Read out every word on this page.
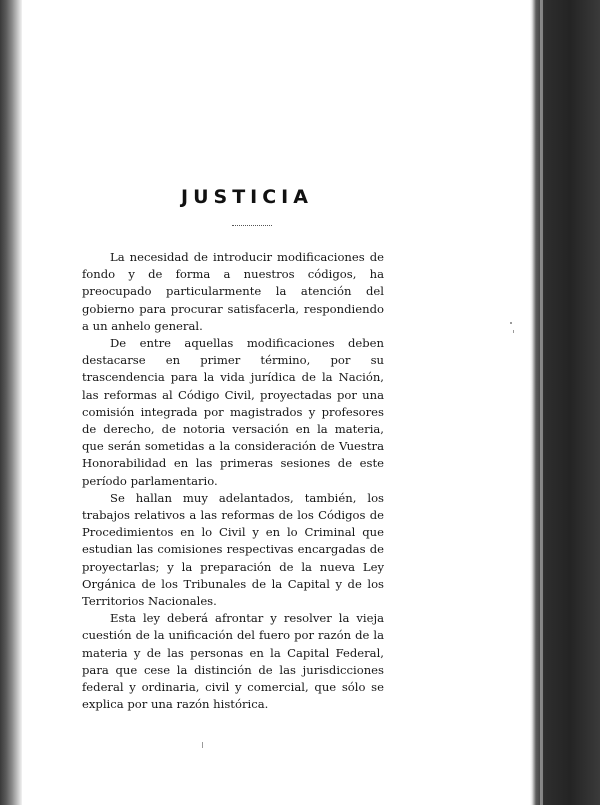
JUSTICIA

La necesidad de introducir modificaciones de fondo y de forma a nuestros códigos, ha preocupado particularmente la atención del gobierno para procurar satisfacerla, respondiendo a un anhelo general.

De entre aquellas modificaciones deben destacarse en primer término, por su trascendencia para la vida jurídica de la Nación, las reformas al Código Civil, proyectadas por una comisión integrada por magistrados y profesores de derecho, de notoria versación en la materia, que serán sometidas a la consideración de Vuestra Honorabilidad en las primeras sesiones de este período parlamentario.

Se hallan muy adelantados, también, los trabajos relativos a las reformas de los Códigos de Procedimientos en lo Civil y en lo Criminal que estudian las comisiones respectivas encargadas de proyectarlas; y la preparación de la nueva Ley Orgánica de los Tribunales de la Capital y de los Territorios Nacionales.

Esta ley deberá afrontar y resolver la vieja cuestión de la unificación del fuero por razón de la materia y de las personas en la Capital Federal, para que cese la distinción de las jurisdicciones federal y ordinaria, civil y comercial, que sólo se explica por una razón histórica.
